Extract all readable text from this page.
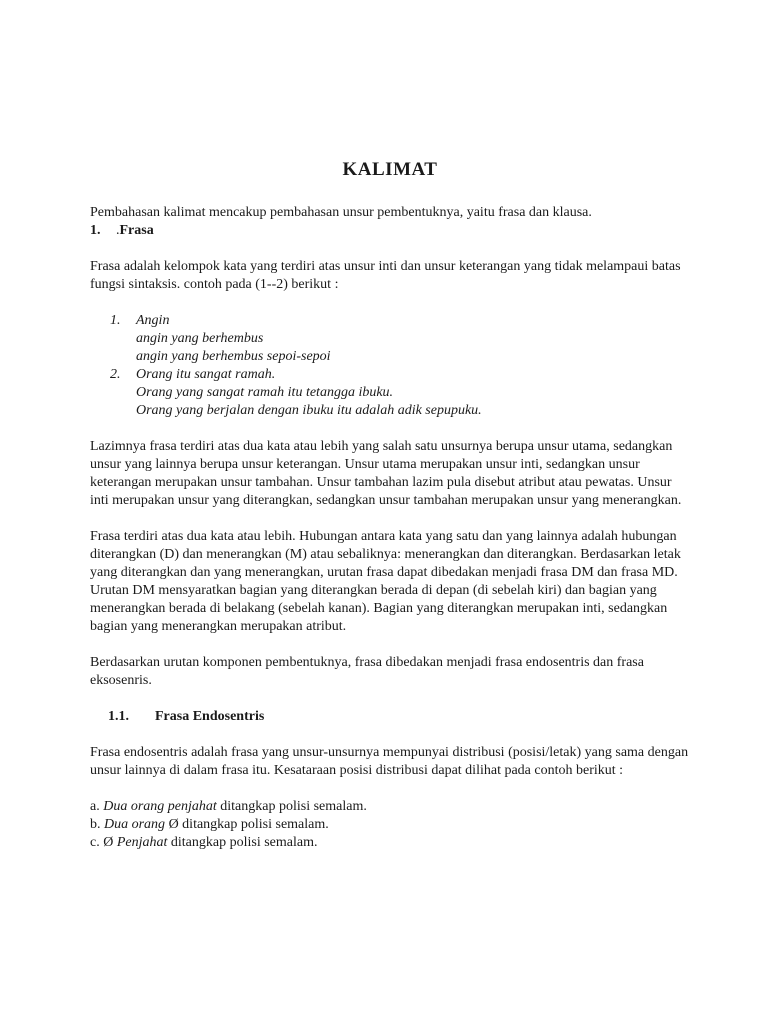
KALIMAT

Pembahasan kalimat mencakup pembahasan unsur pembentuknya, yaitu frasa dan klausa.

1. .Frasa

Frasa adalah kelompok kata yang terdiri atas unsur inti dan unsur keterangan yang tidak melampaui batas fungsi sintaksis. contoh pada (1--2) berikut :

1. Angin
angin yang berhembus
angin yang berhembus sepoi-sepoi
2. Orang itu sangat ramah.
Orang yang sangat ramah itu tetangga ibuku.
Orang yang berjalan dengan ibuku itu adalah adik sepupuku.

Lazimnya frasa terdiri atas dua kata atau lebih yang salah satu unsurnya berupa unsur utama, sedangkan unsur yang lainnya berupa unsur keterangan. Unsur utama merupakan unsur inti, sedangkan unsur keterangan merupakan unsur tambahan. Unsur tambahan lazim pula disebut atribut atau pewatas. Unsur inti merupakan unsur yang diterangkan, sedangkan unsur tambahan merupakan unsur yang menerangkan.

Frasa terdiri atas dua kata atau lebih. Hubungan antara kata yang satu dan yang lainnya adalah hubungan diterangkan (D) dan menerangkan (M) atau sebaliknya: menerangkan dan diterangkan. Berdasarkan letak yang diterangkan dan yang menerangkan, urutan frasa dapat dibedakan menjadi frasa DM dan frasa MD. Urutan DM mensyaratkan bagian yang diterangkan berada di depan (di sebelah kiri) dan bagian yang menerangkan berada di belakang (sebelah kanan). Bagian yang diterangkan merupakan inti, sedangkan bagian yang menerangkan merupakan atribut.

Berdasarkan urutan komponen pembentuknya, frasa dibedakan menjadi frasa endosentris dan frasa eksosenris.

1.1. Frasa Endosentris

Frasa endosentris adalah frasa yang unsur-unsurnya mempunyai distribusi (posisi/letak) yang sama dengan unsur lainnya di dalam frasa itu. Kesataraan posisi distribusi dapat dilihat pada contoh berikut :

a. Dua orang penjahat ditangkap polisi semalam.
b. Dua orang Ø ditangkap polisi semalam.
c. Ø Penjahat ditangkap polisi semalam.
